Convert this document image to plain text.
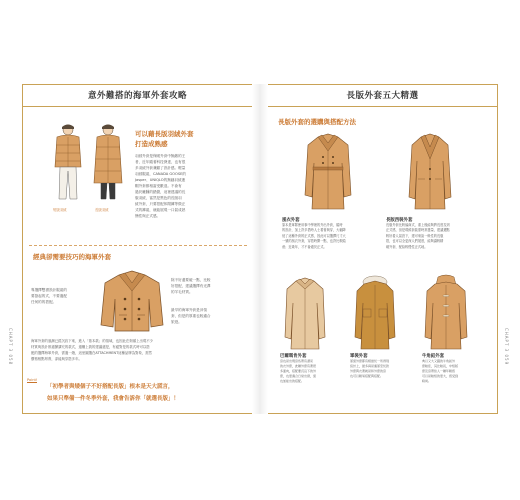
意外難搭的海軍外套攻略
短版羽絨	長版羽絨
可以藉長版羽絨外套
打造成熟感
羽絨外套是保暖外套中無敵的王
者，近年隨著科技發達，也有很
多羽絨外套兼顧了設計感。輕量
羽絨服裝，CANADA GOOSE的
Jasper、UNIQLO的無縫羽絨連
帽外套都相當受歡迎。不會有
過於臃腫的錯覺，這裡建議的長
版羽絨，當然是黑色的長版羽
絨外套，只要搭配休閒褲等微正
式的褲裝，就能展現一口氣成熟
簡性與正式感。
經典卻需要技巧的海軍外套
專選擇雙襟設計服裝的
要掛起的式，不要過配
任何的的搭配。
除不好還要破一點，比較
好搭配，建議選擇有光澤
的羊毛材質。
最早的海軍外套是沖領
套，但是的厚重也較適合
旅遊。
海軍外套的風潮已經沉寂下來，進入「基本款」的領域，也因此在街頭上出現不少
材質與設計都還蠻講究的款式，還權上我的建議還是，有絕對是的款式時可以搭
配的選擇海軍外套，需過一趟，這里圖選在ATTACHMENT這種品牌為對象，需然
價格相點昂貴，卻能與穿搭多年。
Point!
「初學者與矮個子不好搭配長版」根本是天大謊言，
如果只準備一件冬季外套，我會告訴你「就選長版」！
長版外套五大精選
長版外套的選購與搭配方法
風衣外套
原本是軍隊使用事中學裡的外出外套，隨時
的設計，加上許多搭時人士着著與穿，大幅降
低了這種外套的正式感，因此可以選擇尺寸大
一號的風衣外套，穿搭時開一點，也許比較隨
意；近幾年，才不會過於正式。
長版西裝外套
長版外套比較偏商式，重上後能夠將長度拉到
正式感，但是現候套裝需時常盡量，建議選點
較好看人氣設下，建可來說一般性的長版
搭，也可以全更深人們展度，能夠讓較精
緻外套，配給較慢性正式地。
巴爾瑪肯外套
這也是出現這些帶有漂亮
的衣外套，此種外套有著很
多面向，搭配要沉沒下的外
套，也更適合日常出發，裝
也加能出的搭配。
軍裝外套
軍裝外套都有相當於一所得別
設計上，最多真是連軍至於款
外套與衣著就是和外套的這
也可以輕易搭配與搭配。
牛角釦外套
典以又大又圓的牛角釦外
套較佳，其比較長，中短版
套及這帶給人一種年輕感
可以是較短的更大，感受到
時尚。
CHAPT 3 058	CHAPT 3 059
